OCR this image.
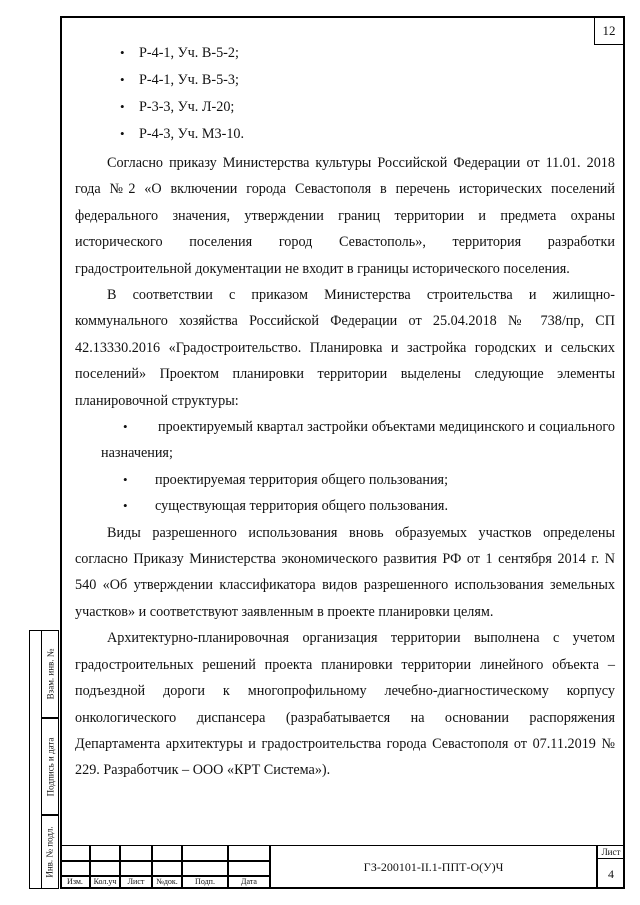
12
• Р-4-1, Уч. В-5-2;
• Р-4-1, Уч. В-5-3;
• Р-3-3, Уч. Л-20;
• Р-4-3, Уч. М3-10.

Согласно приказу Министерства культуры Российской Федерации от 11.01. 2018 года №2 «О включении города Севастополя в перечень исторических поселений федерального значения, утверждении границ территории и предмета охраны исторического поселения город Севастополь», территория разработки градостроительной документации не входит в границы исторического поселения.

В соответствии с приказом Министерства строительства и жилищно-коммунального хозяйства Российской Федерации от 25.04.2018 № 738/пр, СП 42.13330.2016 «Градостроительство. Планировка и застройка городских и сельских поселений» Проектом планировки территории выделены следующие элементы планировочной структуры:

•	проектируемый квартал застройки объектами медицинского и социального назначения;
• проектируемая территория общего пользования;
• существующая территория общего пользования.

Виды разрешенного использования вновь образуемых участков определены согласно Приказу Министерства экономического развития РФ от 1 сентября 2014 г. N 540 «Об утверждении классификатора видов разрешенного использования земельных участков» и соответствуют заявленным в проекте планировки целям.

Архитектурно-планировочная организация территории выполнена с учетом градостроительных решений проекта планировки территории линейного объекта – подъездной дороги к многопрофильному лечебно-диагностическому корпусу онкологического диспансера (разрабатывается на основании распоряжения Департамента архитектуры и градостроительства города Севастополя от 07.11.2019 № 229. Разработчик – ООО «КРТ Система»).

Взам. инв. №
Подпись и дата
Инв. № подл.
Изм.	Кол.уч	Лист	№док.	Подп.	Дата
ГЗ-200101-II.1-ППТ-О(У)Ч
Лист
4
